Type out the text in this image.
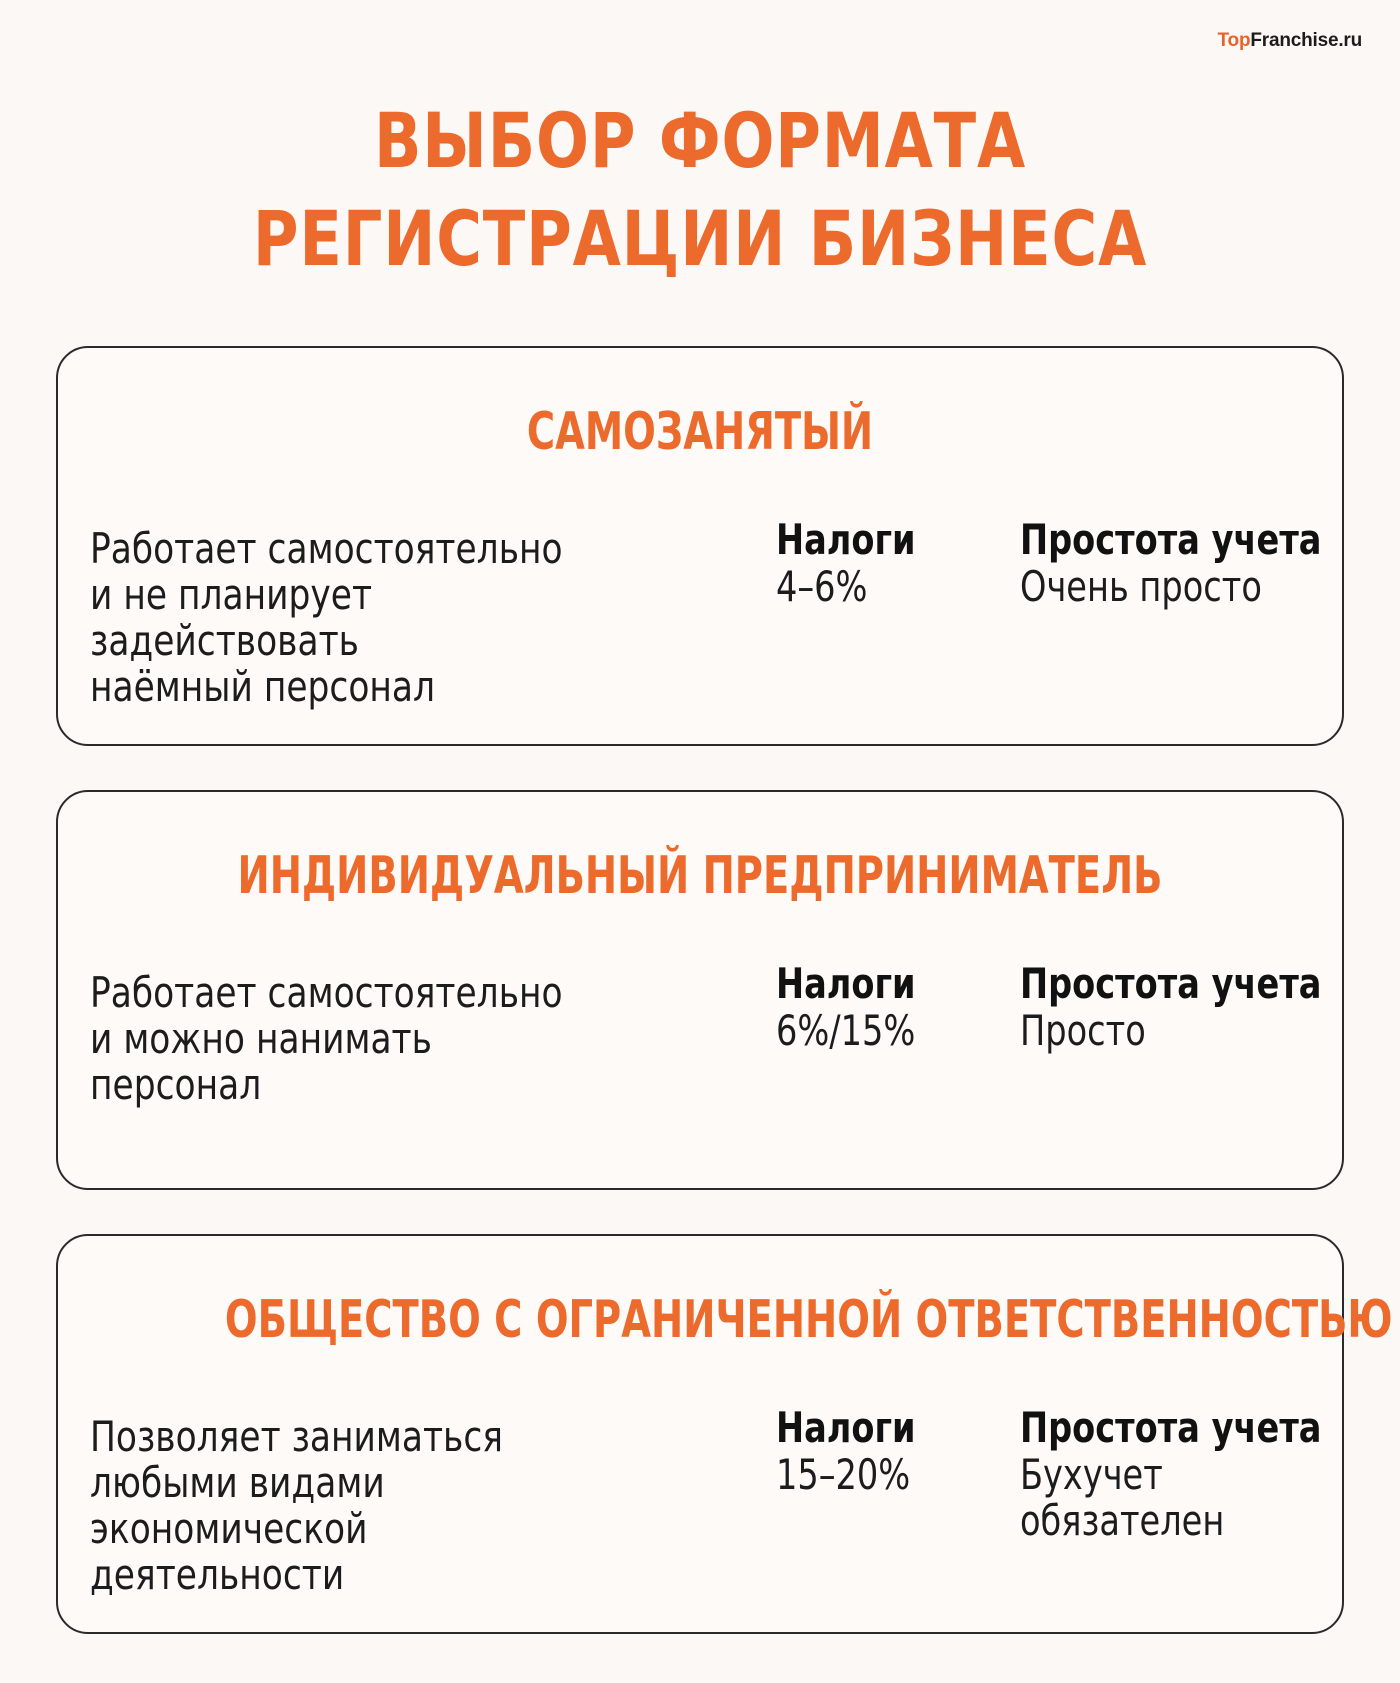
TopFranchise.ru
ВЫБОР ФОРМАТА
РЕГИСТРАЦИИ БИЗНЕСА
САМОЗАНЯТЫЙ
Работает самостоятельно
и не планирует задействовать
наёмный персонал
Налоги
4–6%
Простота учета
Очень просто
ИНДИВИДУАЛЬНЫЙ ПРЕДПРИНИМАТЕЛЬ
Работает самостоятельно
и можно нанимать
персонал
Налоги
6%/15%
Простота учета
Просто
ОБЩЕСТВО С ОГРАНИЧЕННОЙ ОТВЕТСТВЕННОСТЬЮ
Позволяет заниматься
любыми видами
экономической деятельности
Налоги
15–20%
Простота учета
Бухучет
обязателен
